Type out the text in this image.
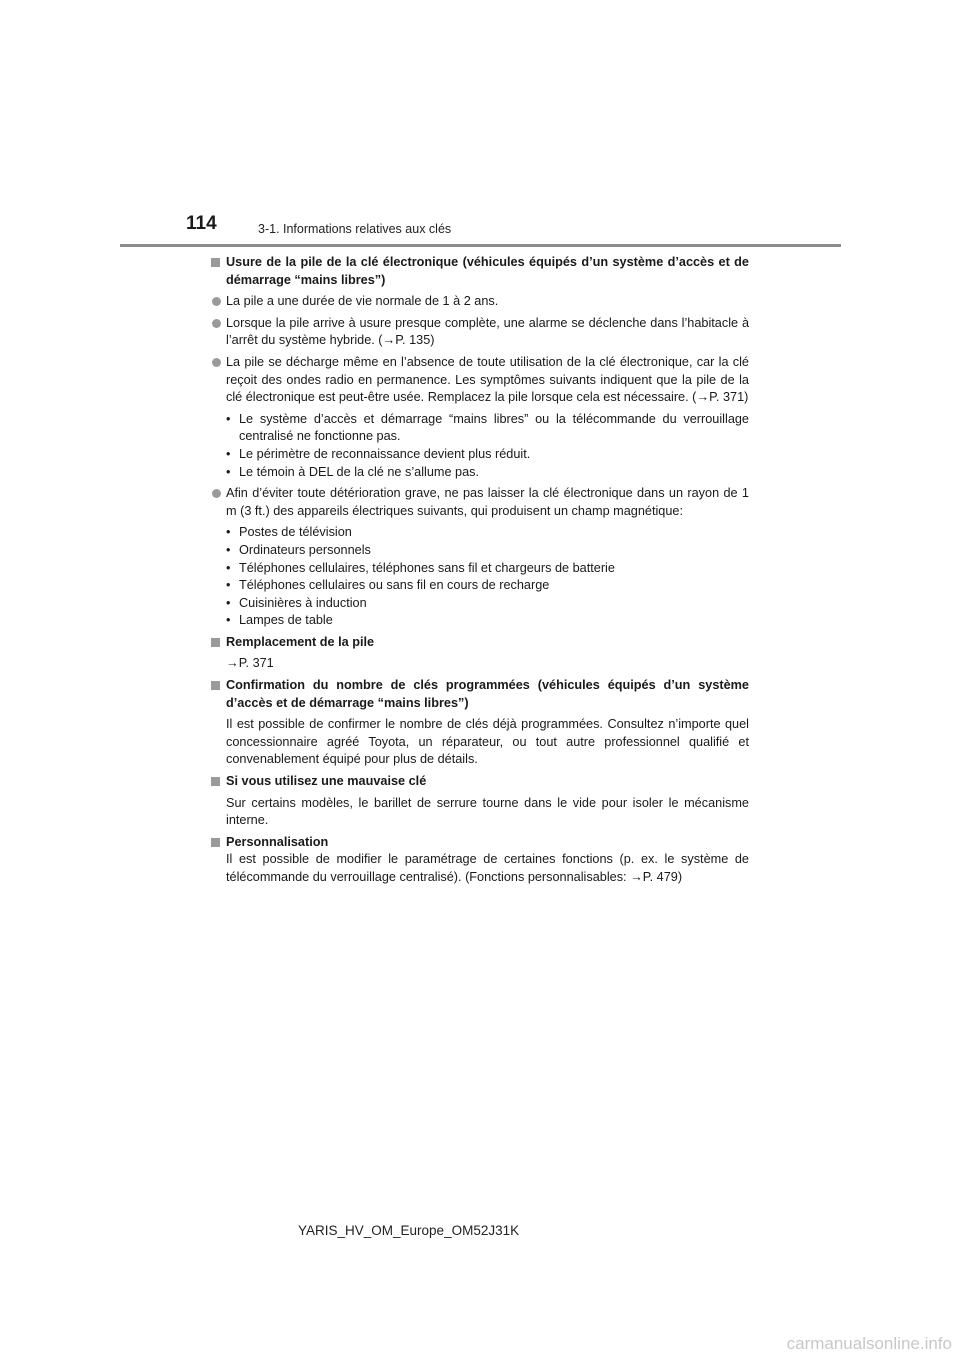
114	3-1. Informations relatives aux clés
Usure de la pile de la clé électronique (véhicules équipés d’un système d’accès et de démarrage “mains libres”)
La pile a une durée de vie normale de 1 à 2 ans.
Lorsque la pile arrive à usure presque complète, une alarme se déclenche dans l’habitacle à l’arrêt du système hybride. (→P. 135)
La pile se décharge même en l’absence de toute utilisation de la clé électronique, car la clé reçoit des ondes radio en permanence. Les symptômes suivants indiquent que la pile de la clé électronique est peut-être usée. Remplacez la pile lorsque cela est nécessaire. (→P. 371)
• Le système d’accès et démarrage “mains libres” ou la télécommande du verrouillage centralisé ne fonctionne pas.
• Le périmètre de reconnaissance devient plus réduit.
• Le témoin à DEL de la clé ne s’allume pas.
Afin d’éviter toute détérioration grave, ne pas laisser la clé électronique dans un rayon de 1 m (3 ft.) des appareils électriques suivants, qui produisent un champ magnétique:
• Postes de télévision
• Ordinateurs personnels
• Téléphones cellulaires, téléphones sans fil et chargeurs de batterie
• Téléphones cellulaires ou sans fil en cours de recharge
• Cuisinières à induction
• Lampes de table
Remplacement de la pile
→P. 371
Confirmation du nombre de clés programmées (véhicules équipés d’un système d’accès et de démarrage “mains libres”)
Il est possible de confirmer le nombre de clés déjà programmées. Consultez n’importe quel concessionnaire agréé Toyota, un réparateur, ou tout autre professionnel qualifié et convenablement équipé pour plus de détails.
Si vous utilisez une mauvaise clé
Sur certains modèles, le barillet de serrure tourne dans le vide pour isoler le mécanisme interne.
Personnalisation
Il est possible de modifier le paramétrage de certaines fonctions (p. ex. le système de télécommande du verrouillage centralisé). (Fonctions personnalisables: →P. 479)
YARIS_HV_OM_Europe_OM52J31K
carmanualsonline.info
